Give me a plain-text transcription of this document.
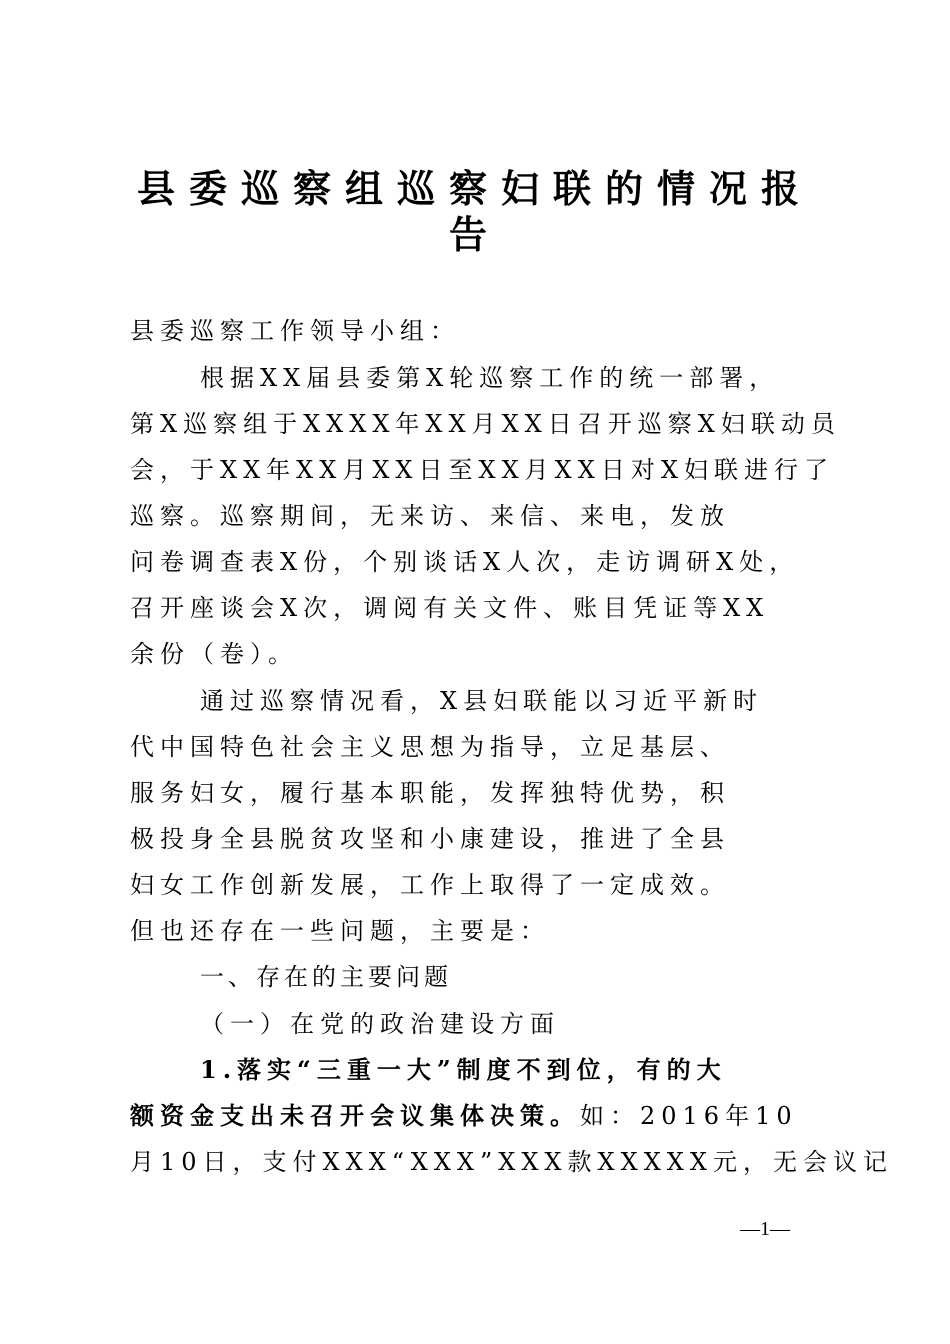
县委巡察组巡察妇联的情况报
告
县委巡察工作领导小组：
根据XX届县委第X轮巡察工作的统一部署，
第X巡察组于XXXX年XX月XX日召开巡察X妇联动员
会，于XX年XX月XX日至XX月XX日对X妇联进行了
巡察。巡察期间，无来访、来信、来电，发放
问卷调查表X份，个别谈话X人次，走访调研X处，
召开座谈会X次，调阅有关文件、账目凭证等XX
余份（卷）。
通过巡察情况看，X县妇联能以习近平新时
代中国特色社会主义思想为指导，立足基层、
服务妇女，履行基本职能，发挥独特优势，积
极投身全县脱贫攻坚和小康建设，推进了全县
妇女工作创新发展，工作上取得了一定成效。
但也还存在一些问题，主要是：
一、存在的主要问题
（一）在党的政治建设方面
1.落实“三重一大”制度不到位，有的大
额资金支出未召开会议集体决策。如：2016年10
月10日，支付XXX“XXX”XXX款XXXXX元，无会议记
—1—
